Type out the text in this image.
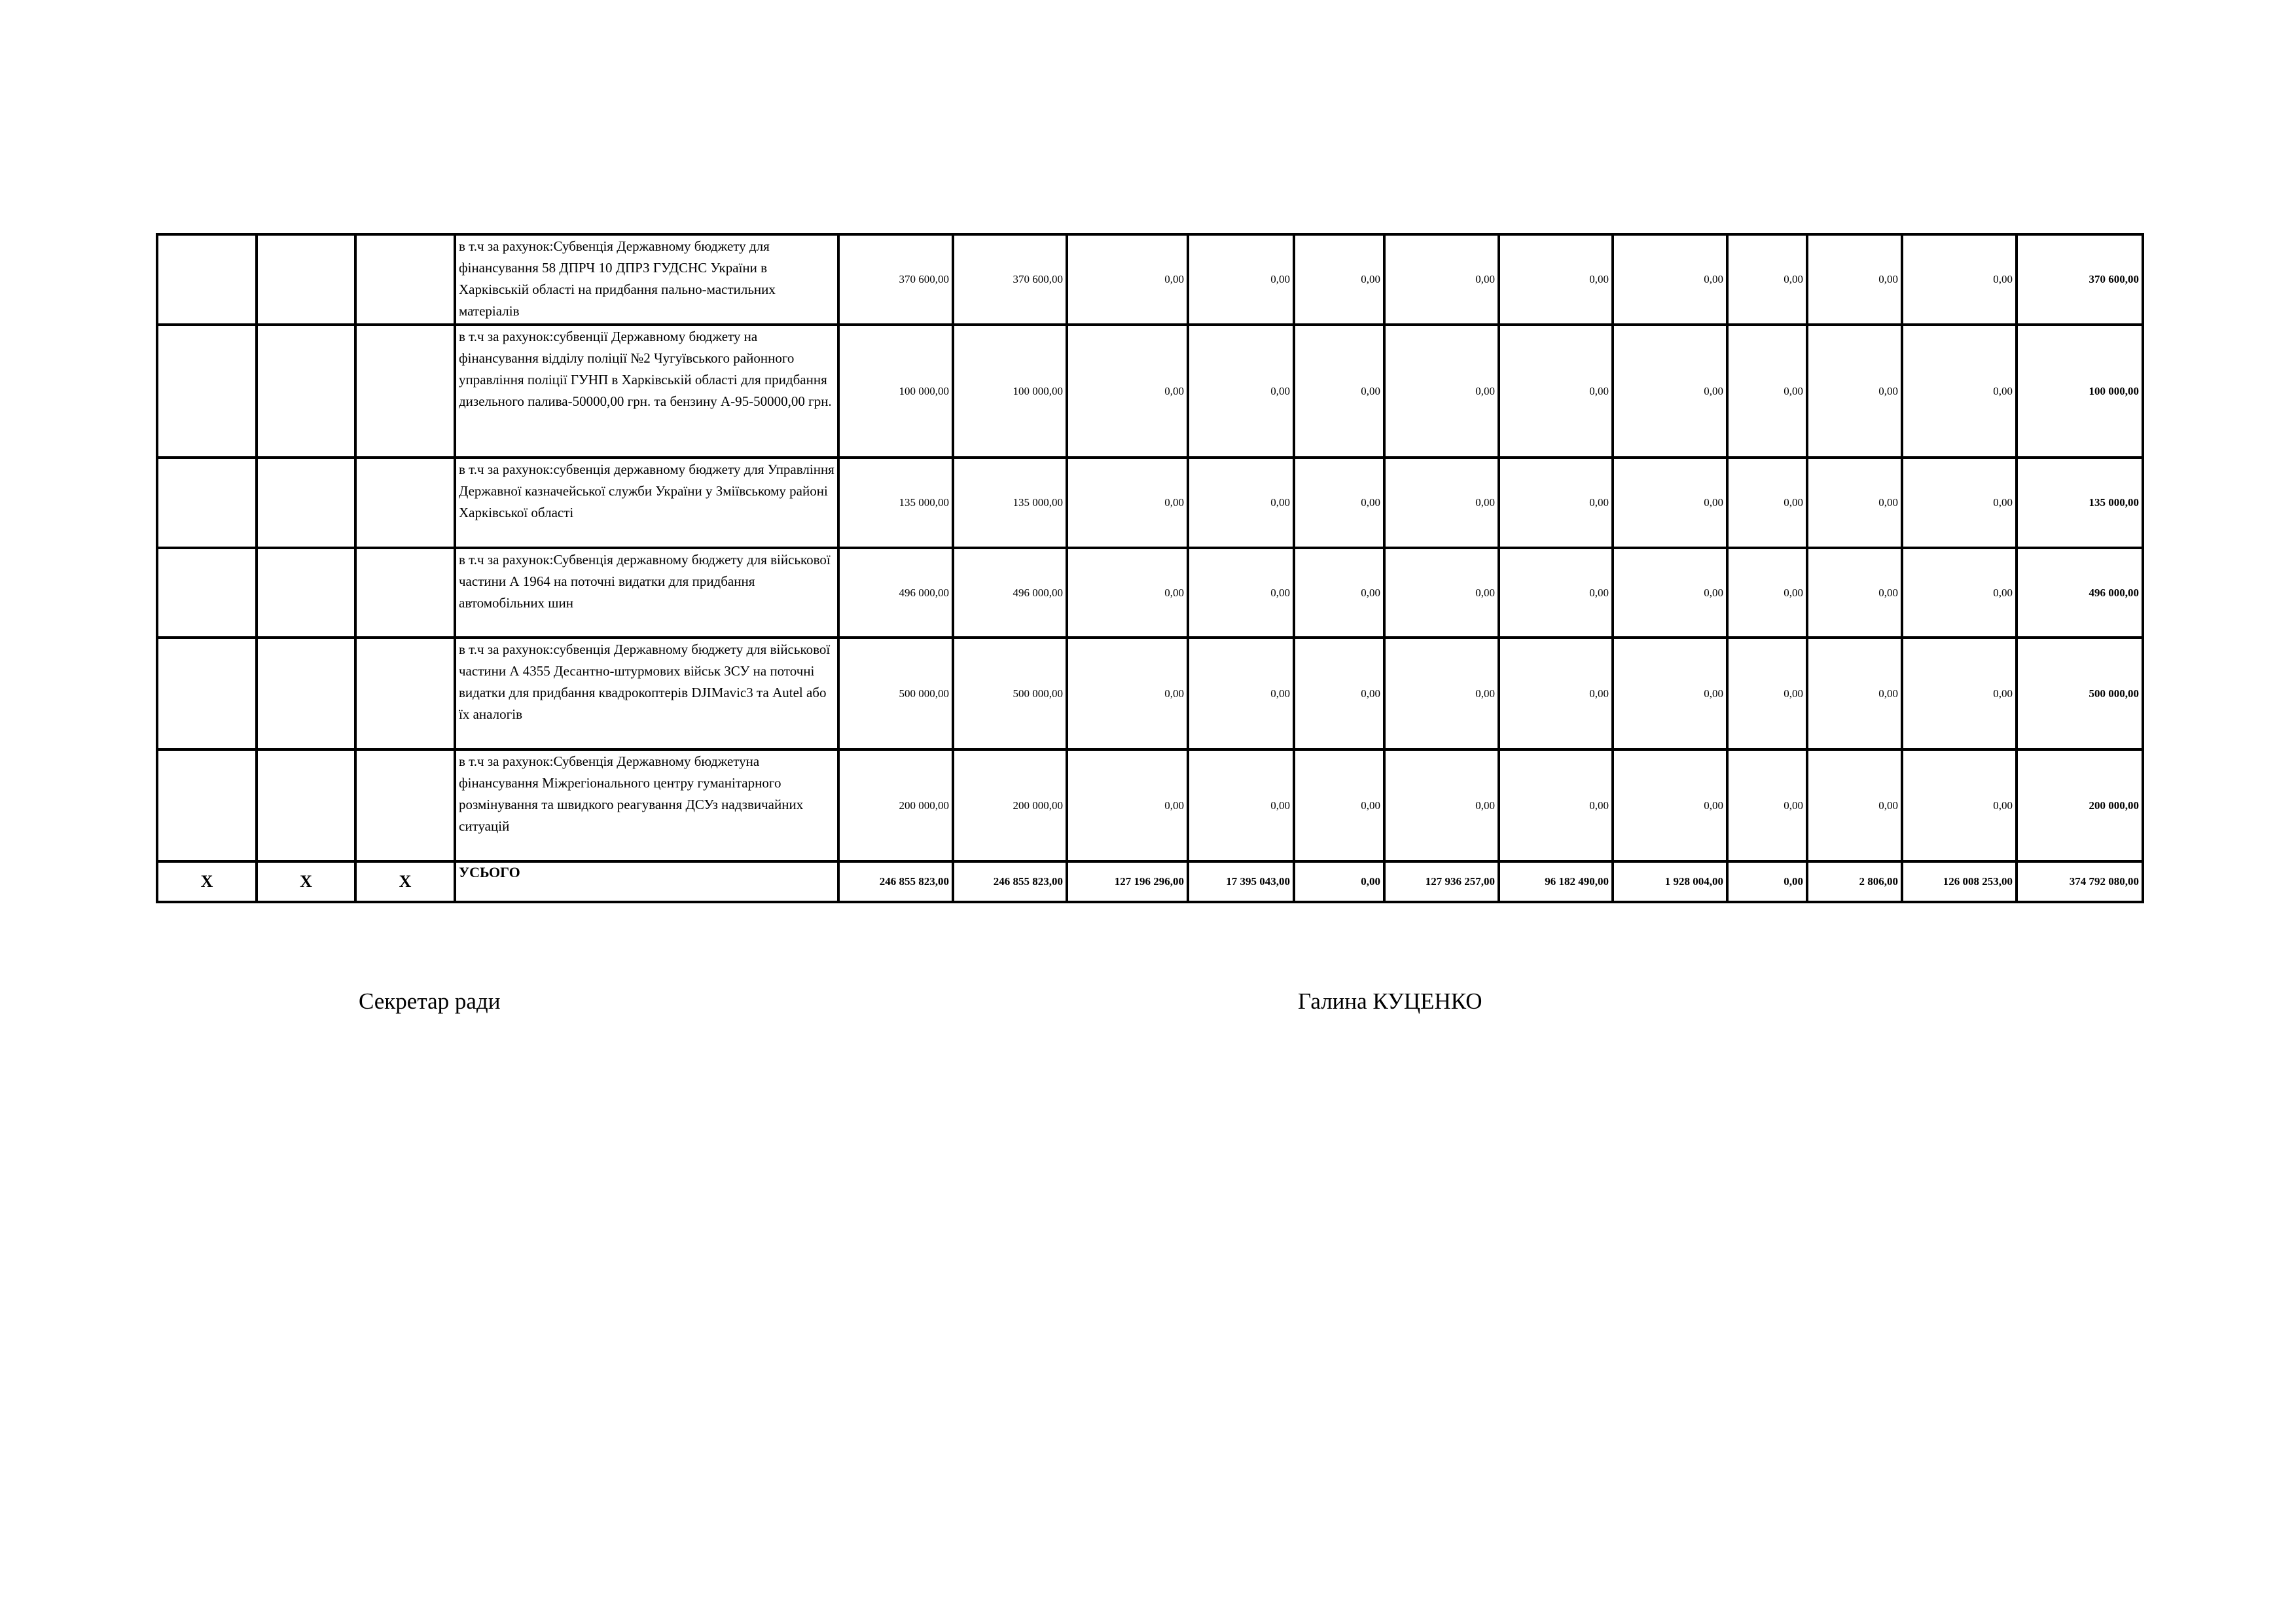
			в т.ч за рахунок:Субвенція Державному бюджету для фінансування 58 ДПРЧ 10 ДПРЗ ГУДСНС України в Харківській області на придбання пально-мастильних матеріалів	370 600,00	370 600,00	0,00	0,00	0,00	0,00	0,00	0,00	0,00	0,00	0,00	370 600,00
			в т.ч за рахунок:субвенції Державному бюджету на фінансування відділу поліції №2 Чугуївського районного управління поліції ГУНП в Харківській області для придбання дизельного палива-50000,00 грн. та бензину А-95-50000,00 грн.	100 000,00	100 000,00	0,00	0,00	0,00	0,00	0,00	0,00	0,00	0,00	0,00	100 000,00
			в т.ч за рахунок:субвенція державному бюджету для Управління Державної казначейської служби України у Зміївському районі Харківської області	135 000,00	135 000,00	0,00	0,00	0,00	0,00	0,00	0,00	0,00	0,00	0,00	135 000,00
			в т.ч за рахунок:Субвенція державному бюджету для військової частини А 1964 на поточні видатки для придбання автомобільних шин	496 000,00	496 000,00	0,00	0,00	0,00	0,00	0,00	0,00	0,00	0,00	0,00	496 000,00
			в т.ч за рахунок:субвенція Державному бюджету для військової частини А 4355 Десантно-штурмових військ ЗСУ на поточні видатки для придбання квадрокоптерів DJIMavic3 та Autel або їх аналогів	500 000,00	500 000,00	0,00	0,00	0,00	0,00	0,00	0,00	0,00	0,00	0,00	500 000,00
			в т.ч за рахунок:Субвенція Державному бюджетуна фінансування Міжрегіонального центру гуманітарного розмінування та швидкого реагування ДСУз надзвичайних ситуацій	200 000,00	200 000,00	0,00	0,00	0,00	0,00	0,00	0,00	0,00	0,00	0,00	200 000,00
Х	Х	Х	УСЬОГО	246 855 823,00	246 855 823,00	127 196 296,00	17 395 043,00	0,00	127 936 257,00	96 182 490,00	1 928 004,00	0,00	2 806,00	126 008 253,00	374 792 080,00
Секретар ради	Галина КУЦЕНКО
